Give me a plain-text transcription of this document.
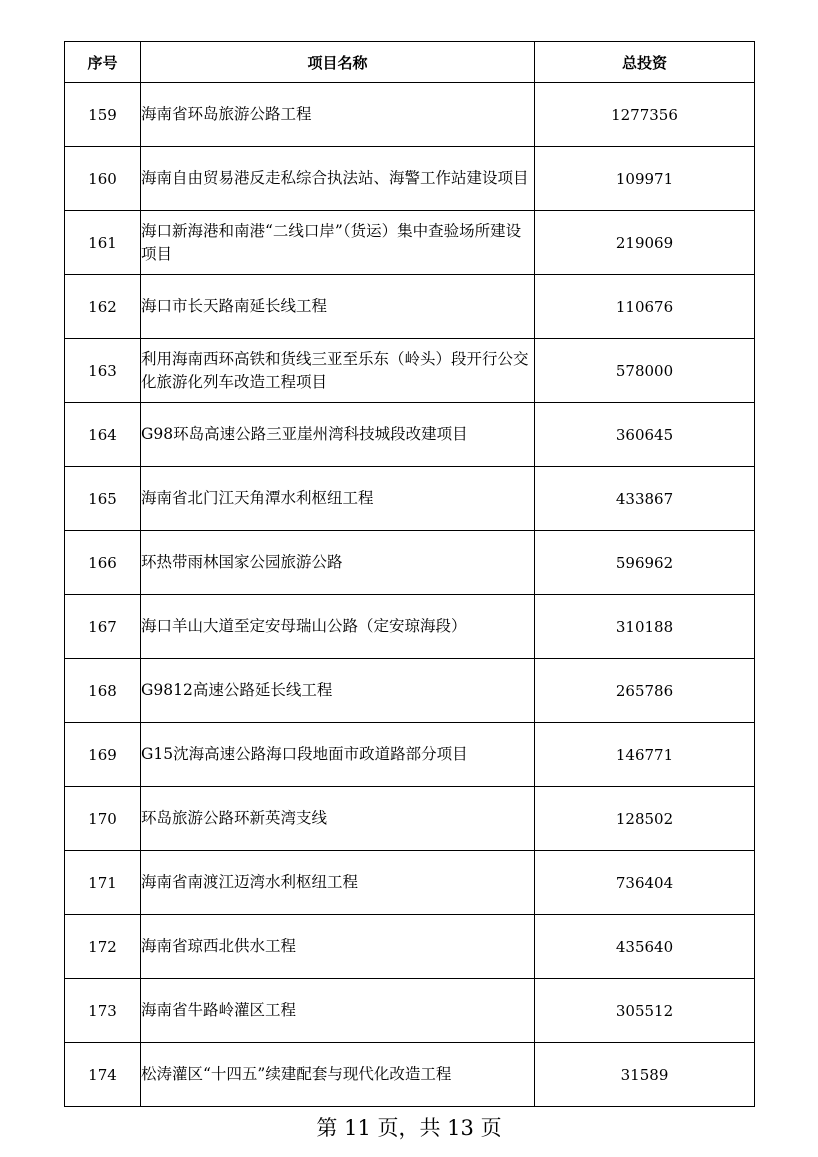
序号	项目名称	总投资
159	海南省环岛旅游公路工程	1277356
160	海南自由贸易港反走私综合执法站、海警工作站建设项目	109971
161	海口新海港和南港“二线口岸”（货运）集中查验场所建设项目	219069
162	海口市长天路南延长线工程	110676
163	利用海南西环高铁和货线三亚至乐东（岭头）段开行公交化旅游化列车改造工程项目	578000
164	G98环岛高速公路三亚崖州湾科技城段改建项目	360645
165	海南省北门江天角潭水利枢纽工程	433867
166	环热带雨林国家公园旅游公路	596962
167	海口羊山大道至定安母瑞山公路（定安琼海段）	310188
168	G9812高速公路延长线工程	265786
169	G15沈海高速公路海口段地面市政道路部分项目	146771
170	环岛旅游公路环新英湾支线	128502
171	海南省南渡江迈湾水利枢纽工程	736404
172	海南省琼西北供水工程	435640
173	海南省牛路岭灌区工程	305512
174	松涛灌区“十四五”续建配套与现代化改造工程	31589
第 11 页，共 13 页
